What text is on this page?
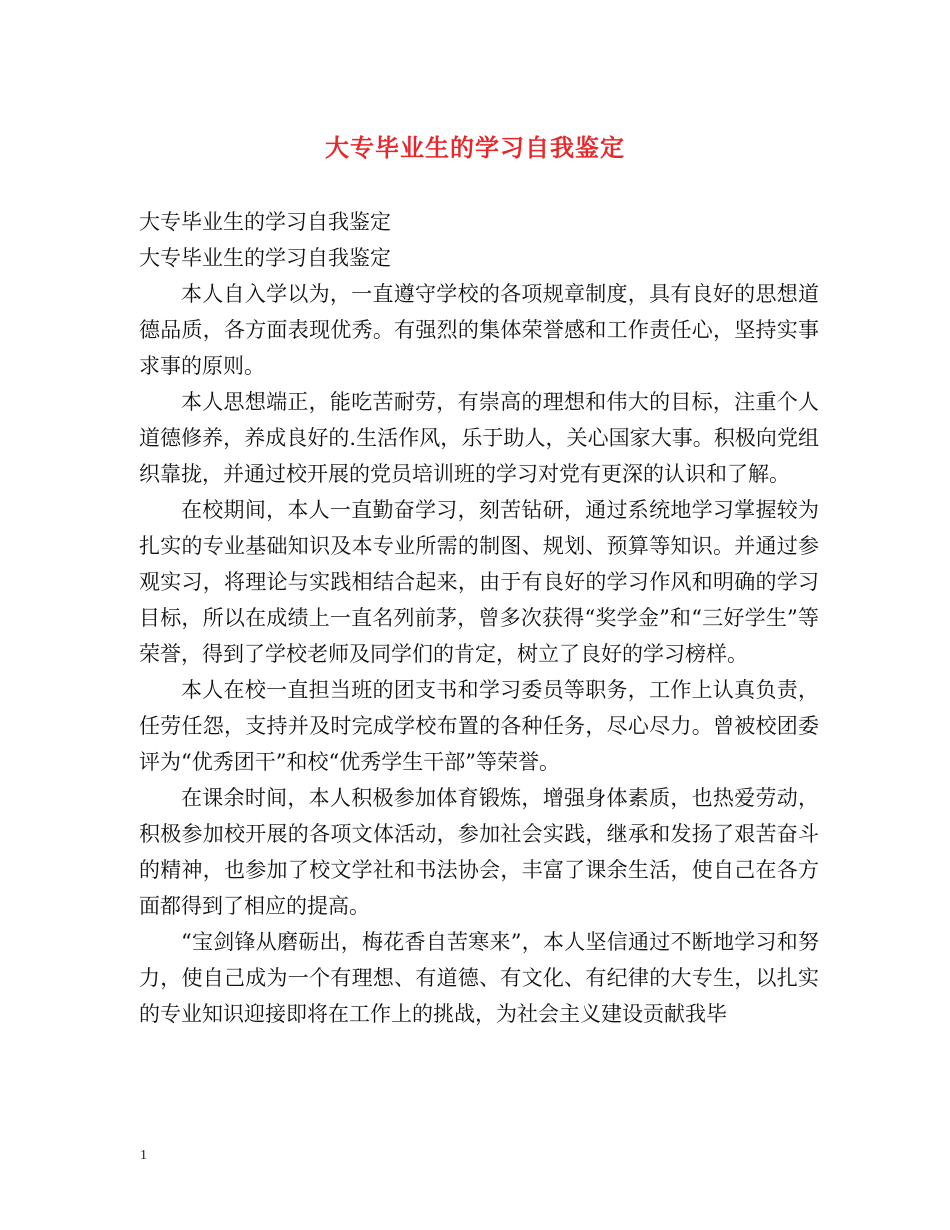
大专毕业生的学习自我鉴定

大专毕业生的学习自我鉴定

大专毕业生的学习自我鉴定

本人自入学以为，一直遵守学校的各项规章制度，具有良好的思想道 德品质，各方面表现优秀。有强烈的集体荣誉感和工作责任心，坚持实事求事的原则。

本人思想端正，能吃苦耐劳，有崇高的理想和伟大的目标，注重个人道德修养，养成良好的.生活作风，乐于助人，关心国家大事。积极向党组织靠拢，并通过校开展的党员培训班的学习对党有更深的认识和了解。

在校期间，本人一直勤奋学习，刻苦钻研，通过系统地学习掌握较为扎实的专业基础知识及本专业所需的制图、规划、预算等知识。并通过参观实习，将理论与实践相结合起来，由于有良好的学习作风和明确的学习目标，所以在成绩上一直名列前茅，曾多次获得“奖学金”和“三好学生”等荣誉，得到了学校老师及同学们的肯定，树立了良好的学习榜样。

本人在校一直担当班的团支书和学习委员等职务，工作上认真负责，任劳任怨，支持并及时完成学校布置的各种任务，尽心尽力。曾被校团委评为“优秀团干”和校“优秀学生干部”等荣誉。

在课余时间，本人积极参加体育锻炼，增强身体素质，也热爱劳动，积极参加校开展的各项文体活动，参加社会实践，继承和发扬了艰苦奋斗的精神，也参加了校文学社和书法协会，丰富了课余生活，使自己在各方面都得到了相应的提高。

“宝剑锋从磨砺出，梅花香自苦寒来”，本人坚信通过不断地学习和努力，使自己成为一个有理想、有道德、有文化、有纪律的大专生，以扎实的专业知识迎接即将在工作上的挑战，为社会主义建设贡献我毕

1
